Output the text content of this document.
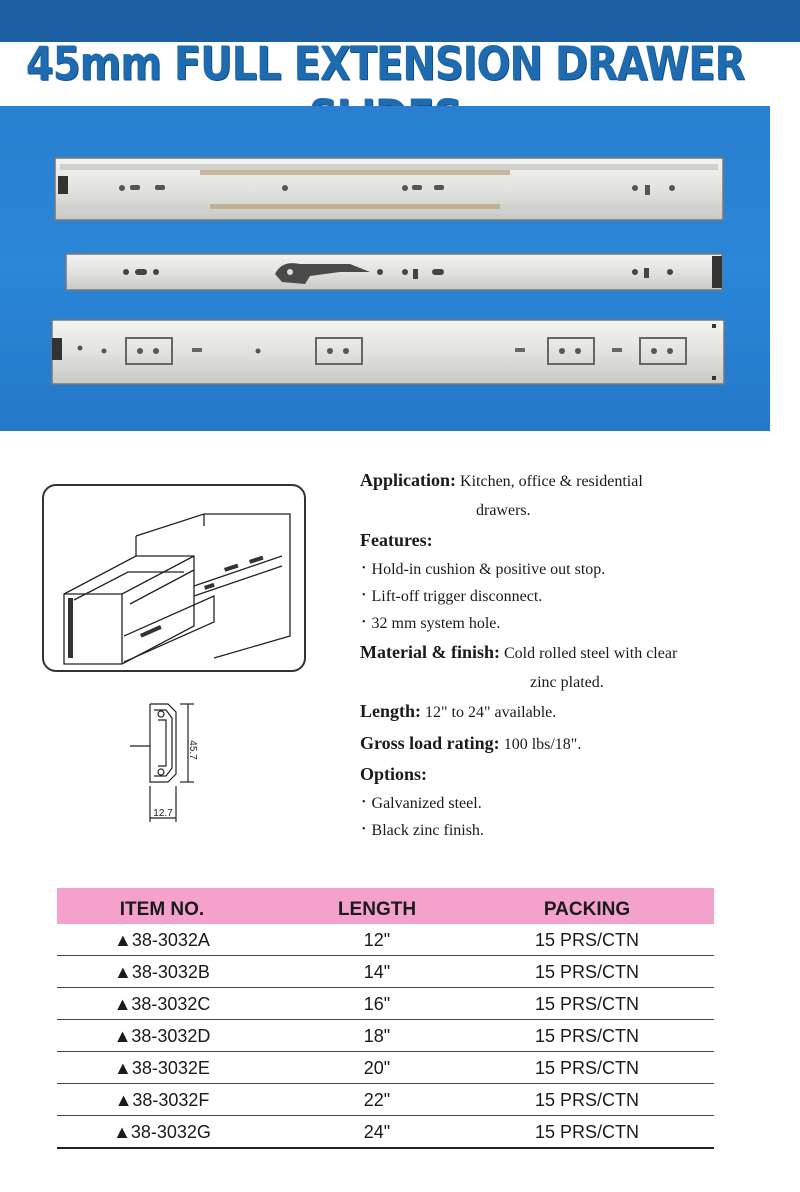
45mm FULL EXTENSION DRAWER
45.7
12.7
Application: Kitchen, office & residential
drawers.
Features:
• Hold-in cushion & positive out stop.
• Lift-off trigger disconnect.
• 32 mm system hole.
Material & finish: Cold rolled steel with clear
zinc plated.
Length: 12" to 24" available.
Gross load rating: 100 lbs/18".
Options:
• Galvanized steel.
• Black zinc finish.
ITEM NO.	LENGTH	PACKING
▲38-3032A	12"	15 PRS/CTN
▲38-3032B	14"	15 PRS/CTN
▲38-3032C	16"	15 PRS/CTN
▲38-3032D	18"	15 PRS/CTN
▲38-3032E	20"	15 PRS/CTN
▲38-3032F	22"	15 PRS/CTN
▲38-3032G	24"	15 PRS/CTN
